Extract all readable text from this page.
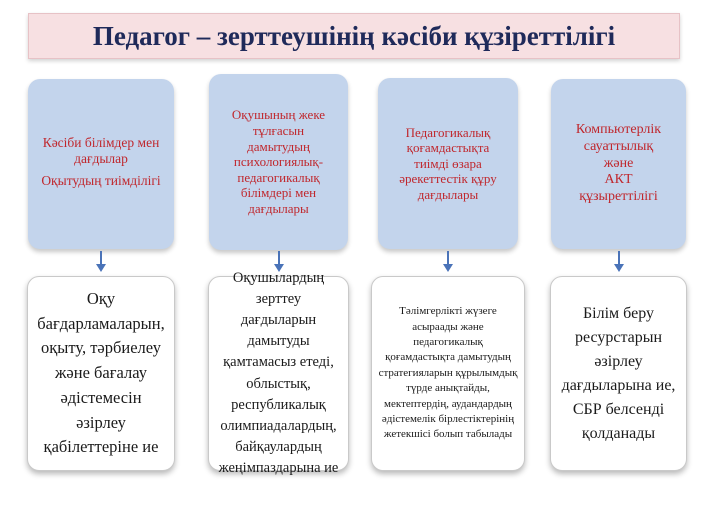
Педагог – зерттеушінің кәсіби құзіреттілігі

Кәсіби білімдер мен

дағдылар

Оқытудың тиімділігі

Оқу бағдарламаларын, оқыту, тәрбиелеу және бағалау әдістемесін әзірлеу қабілеттеріне ие

Оқушының жеке

тұлғасын

дамытудың

психологиялық-

педагогикалық

білімдері мен

дағдылары

Оқушылардың зерттеу дағдыларын дамытуды қамтамасыз етеді, облыстық, республикалық олимпиадалардың, байқаулардың жеңімпаздарына ие

Педагогикалық

қоғамдастықта

тиімді өзара

әрекеттестік құру

дағдылары

Тәлімгерлікті жүзеге асыраады және педагогикалық қоғамдастықта дамытудың стратегияларын құрылымдық түрде анықтайды, мектептердің, аудандардың әдістемелік бірлестіктерінің жетекшісі болып табылады

Компьютерлік

сауаттылық

және

АКТ

құзыреттілігі

Білім беру ресурстарын әзірлеу дағдыларына ие, СБР белсенді қолданады
